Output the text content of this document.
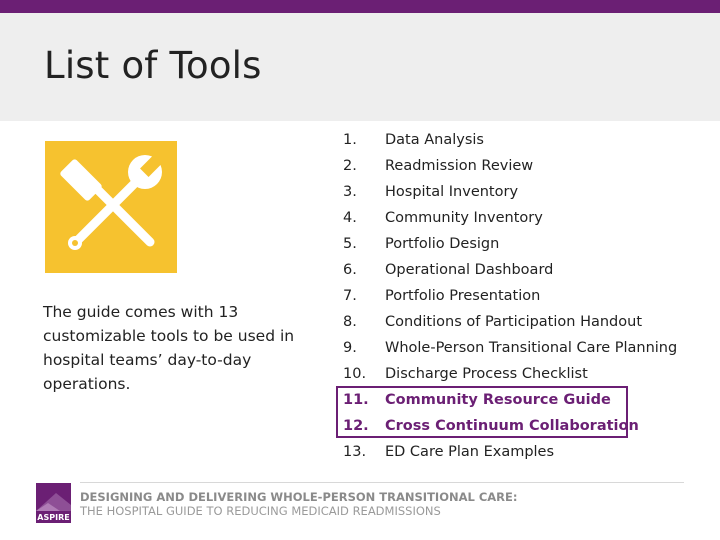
List of Tools
The guide comes with 13 customizable tools to be used in hospital teams’ day-to-day operations.
1. Data Analysis
2. Readmission Review
3. Hospital Inventory
4. Community Inventory
5. Portfolio Design
6. Operational Dashboard
7. Portfolio Presentation
8. Conditions of Participation Handout
9. Whole-Person Transitional Care Planning
10. Discharge Process Checklist
11. Community Resource Guide
12. Cross Continuum Collaboration
13. ED Care Plan Examples
ASPIRE

DESIGNING AND DELIVERING WHOLE-PERSON TRANSITIONAL CARE:

THE HOSPITAL GUIDE TO REDUCING MEDICAID READMISSIONS
